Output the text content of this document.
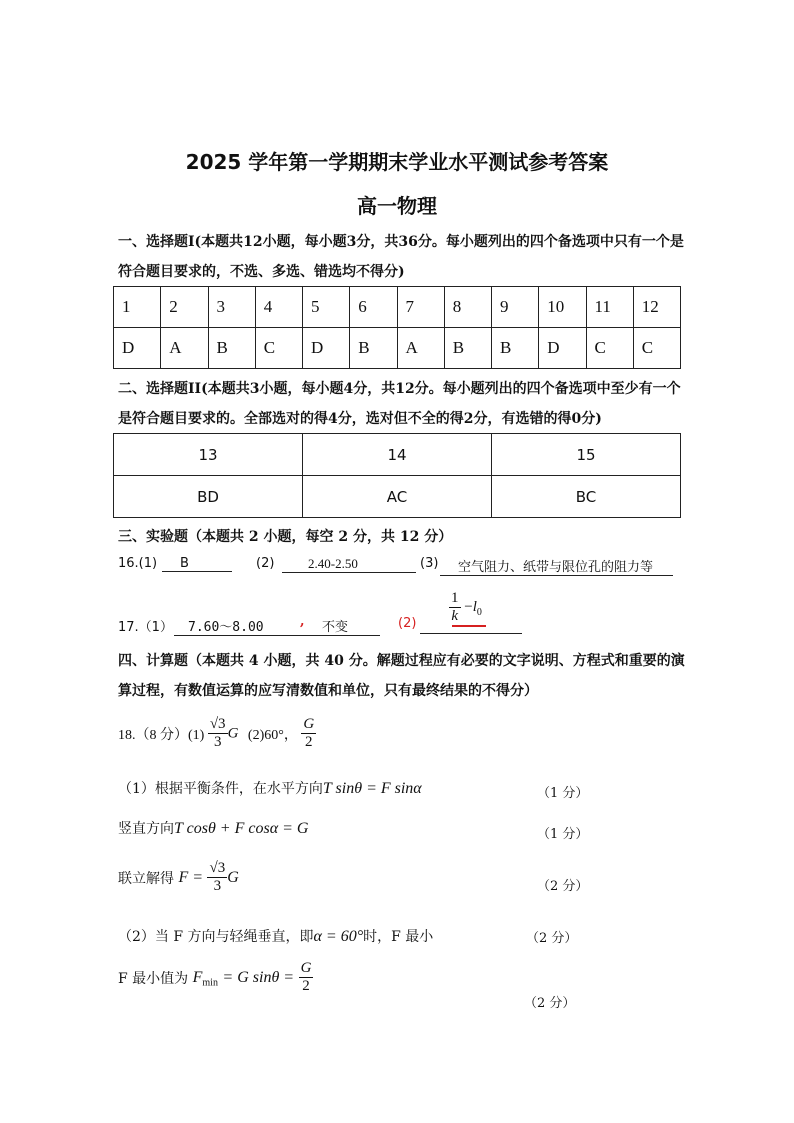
2025 学年第一学期期末学业水平测试参考答案
高一物理
一、选择题I(本题共12小题，每小题3分，共36分。每小题列出的四个备选项中只有一个是
符合题目要求的，不选、多选、错选均不得分)
1	2	3	4	5	6	7	8	9	10	11	12
D	A	B	C	D	B	A	B	B	D	C	C
二、选择题II(本题共3小题，每小题4分，共12分。每小题列出的四个备选项中至少有一个
是符合题目要求的。全部选对的得4分，选对但不全的得2分，有选错的得0分)
13	14	15
BD	AC	BC
三、实验题（本题共 2 小题，每空 2 分，共 12 分）
16.(1)	B	(2)	2.40-2.50	(3)	空气阻力、纸带与限位孔的阻力等
17.（1）	7.60～8.00	, 不变	$(2) \frac{1}{k} -l_0$
四、计算题（本题共 4 小题，共 40 分。解题过程应有必要的文字说明、方程式和重要的演
算过程，有数值运算的应写清数值和单位，只有最终结果的不得分）
18.（8 分）$(1) \frac{√3}{3}$ G (2)60°， $\frac{G}{2}$
（1）根据平衡条件，在水平方向T sinθ = F sinα	（1 分）
竖直方向T cosθ + F cosα = G	（1 分）
联立解得 $F = \frac{√3}{3}$ G
（2 分）
（2）当 F 方向与轻绳垂直，即α = 60°时，F 最小	（2 分）
F 最小值为 $F_{min} = G$ $\sin\theta = \frac{G}{2}$
（2 分）
